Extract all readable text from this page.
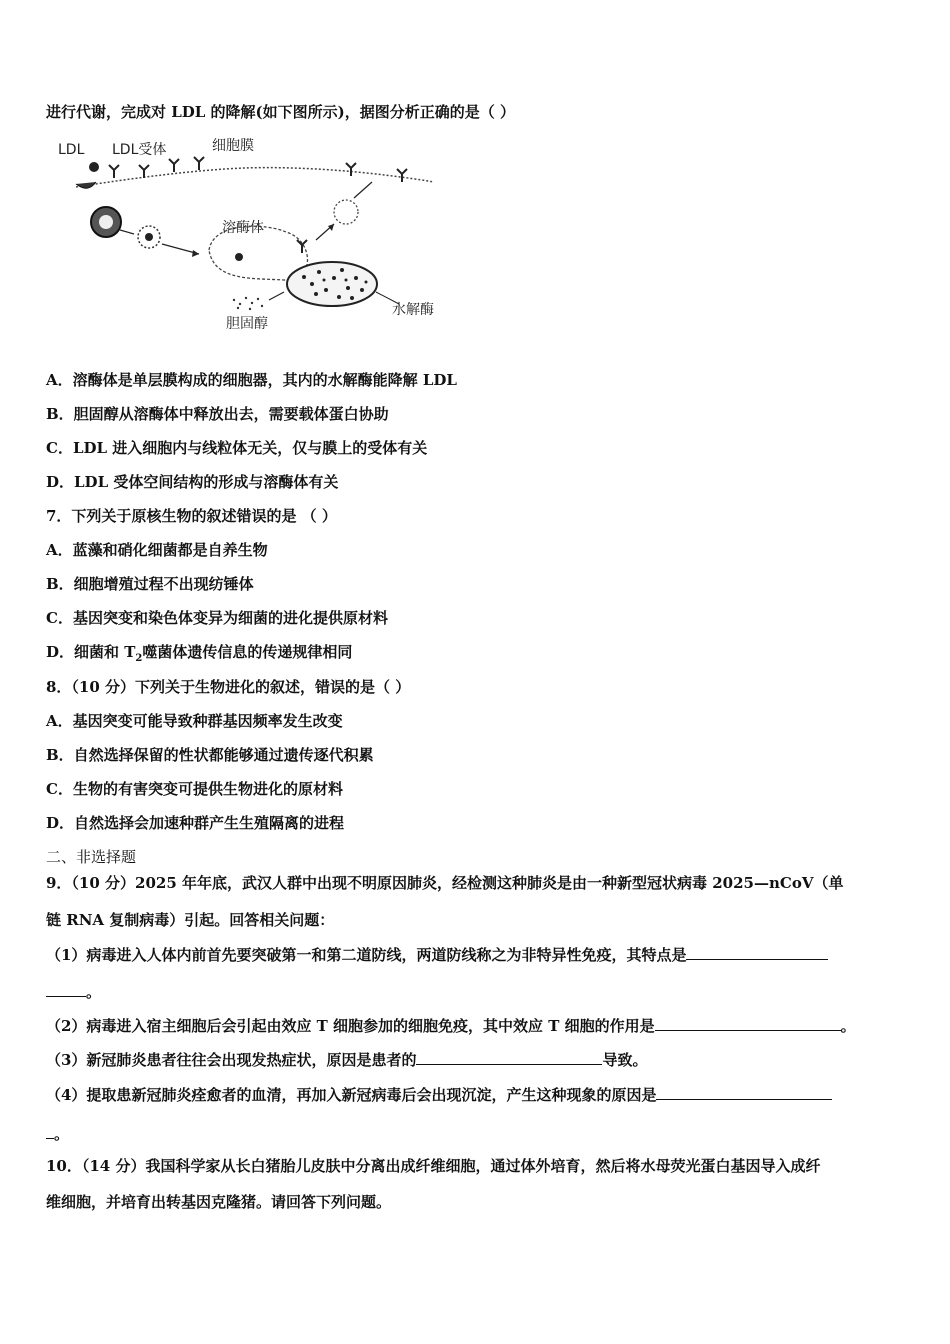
进行代谢，完成对 LDL 的降解(如下图所示)，据图分析正确的是（ ）
LDL LDL受体	细胞膜
溶酶体
胆固醇
水解酶
A．溶酶体是单层膜构成的细胞器，其内的水解酶能降解 LDL
B．胆固醇从溶酶体中释放出去，需要载体蛋白协助
C．LDL 进入细胞内与线粒体无关，仅与膜上的受体有关
D．LDL 受体空间结构的形成与溶酶体有关
7．下列关于原核生物的叙述错误的是 （ ）
A．蓝藻和硝化细菌都是自养生物
B．细胞增殖过程不出现纺锤体
C．基因突变和染色体变异为细菌的进化提供原材料
D．细菌和 $T_2$噬菌体遗传信息的传递规律相同
8．（10 分）下列关于生物进化的叙述，错误的是（ ）
A．基因突变可能导致种群基因频率发生改变
B．自然选择保留的性状都能够通过遗传逐代积累
C．生物的有害突变可提供生物进化的原材料
D．自然选择会加速种群产生生殖隔离的进程
二、非选择题
9．（10 分）2025 年年底，武汉人群中出现不明原因肺炎，经检测这种肺炎是由一种新型冠状病毒 2025—nCoV（单
链 RNA 复制病毒）引起。回答相关问题：
（1）病毒进入人体内前首先要突破第一和第二道防线，两道防线称之为非特异性免疫，其特点是
。
（2）病毒进入宿主细胞后会引起由效应 T 细胞参加的细胞免疫，其中效应 T 细胞的作用是	。
（3）新冠肺炎患者往往会出现发热症状，原因是患者的	导致。
（4）提取患新冠肺炎痊愈者的血清，再加入新冠病毒后会出现沉淀，产生这种现象的原因是
。
10．（14 分）我国科学家从长白猪胎儿皮肤中分离出成纤维细胞，通过体外培育，然后将水母荧光蛋白基因导入成纤
维细胞，并培育出转基因克隆猪。请回答下列问题。
